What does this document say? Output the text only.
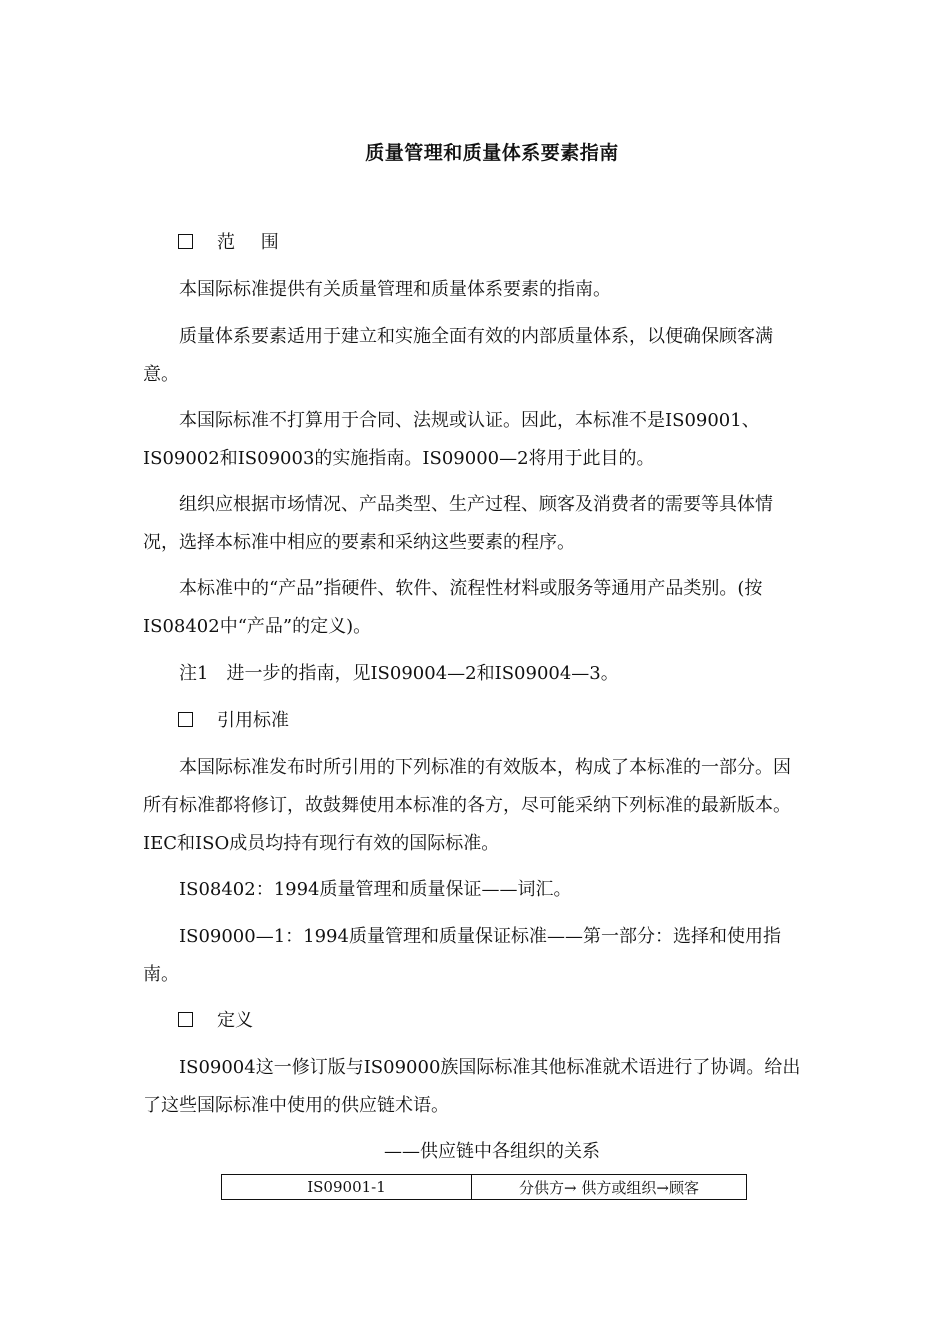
质量管理和质量体系要素指南
范 围

本国际标准提供有关质量管理和质量体系要素的指南。

质量体系要素适用于建立和实施全面有效的内部质量体系，以便确保顾客满意。

本国际标准不打算用于合同、法规或认证。因此，本标准不是IS09001、IS09002和IS09003的实施指南。IS09000—2将用于此目的。

组织应根据市场情况、产品类型、生产过程、顾客及消费者的需要等具体情况，选择本标准中相应的要素和采纳这些要素的程序。

本标准中的“产品”指硬件、软件、流程性材料或服务等通用产品类别。(按IS08402中“产品”的定义)。

注1　进一步的指南，见IS09004—2和IS09004—3。

引用标准

本国际标准发布时所引用的下列标准的有效版本，构成了本标准的一部分。因所有标准都将修订，故鼓舞使用本标准的各方，尽可能采纳下列标准的最新版本。IEC和ISO成员均持有现行有效的国际标准。

IS08402：1994质量管理和质量保证——词汇。

IS09000—1：1994质量管理和质量保证标准——第一部分：选择和使用指南。

定义

IS09004这一修订版与IS09000族国际标准其他标准就术语进行了协调。给出了这些国际标准中使用的供应链术语。

——供应链中各组织的关系
IS09001-1	分供方→ 供方或组织→顾客
